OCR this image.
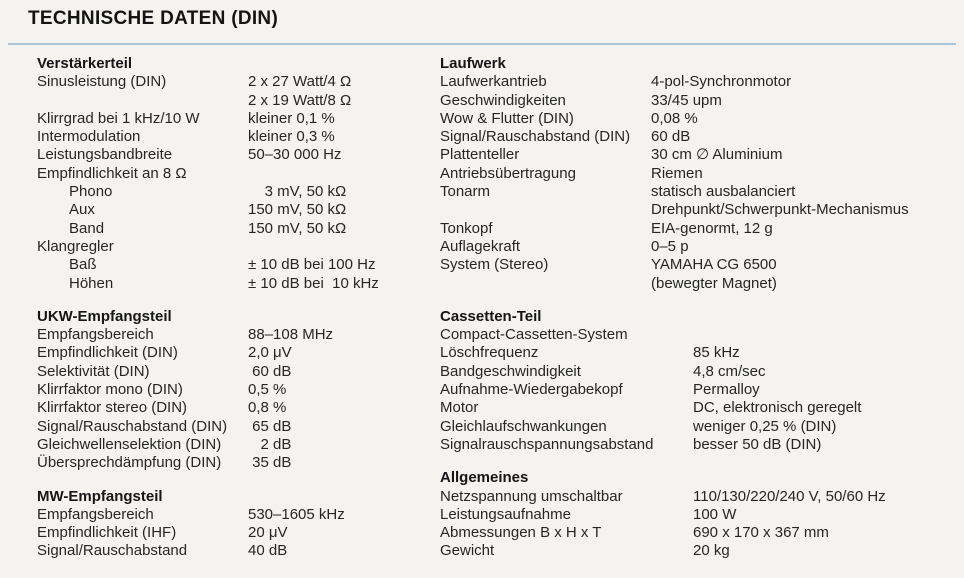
TECHNISCHE DATEN (DIN)
Verstärkerteil
Sinusleistung (DIN)	2 x 27 Watt/4 Ω
2 x 19 Watt/8 Ω
Klirrgrad bei 1 kHz/10 W	kleiner 0,1 %
Intermodulation	kleiner 0,3 %
Leistungsbandbreite	50–30 000 Hz
Empfindlichkeit an 8 Ω
Phono	3 mV, 50 kΩ
Aux	150 mV, 50 kΩ
Band	150 mV, 50 kΩ
Klangregler
Baß	± 10 dB bei 100 Hz
Höhen	± 10 dB bei  10 kHz
UKW-Empfangsteil
Empfangsbereich	88–108 MHz
Empfindlichkeit (DIN)	2,0 μV
Selektivität (DIN)	60 dB
Klirrfaktor mono (DIN)	0,5 %
Klirrfaktor stereo (DIN)	0,8 %
Signal/Rauschabstand (DIN)	65 dB
Gleichwellenselektion (DIN)	2 dB
Übersprechdämpfung (DIN)	35 dB
MW-Empfangsteil
Empfangsbereich	530–1605 kHz
Empfindlichkeit (IHF)	20 μV
Signal/Rauschabstand	40 dB
Laufwerk
Laufwerkantrieb	4-pol-Synchronmotor
Geschwindigkeiten	33/45 upm
Wow & Flutter (DIN)	0,08 %
Signal/Rauschabstand (DIN)	60 dB
Plattenteller	30 cm ∅ Aluminium
Antriebsübertragung	Riemen
Tonarm	statisch ausbalanciert
Drehpunkt/Schwerpunkt-Mechanismus
Tonkopf	EIA-genormt, 12 g
Auflagekraft	0–5 p
System (Stereo)	YAMAHA CG 6500
(bewegter Magnet)
Cassetten-Teil
Compact-Cassetten-System
Löschfrequenz	85 kHz
Bandgeschwindigkeit	4,8 cm/sec
Aufnahme-Wiedergabekopf	Permalloy
Motor	DC, elektronisch geregelt
Gleichlaufschwankungen	weniger 0,25 % (DIN)
Signalrauschspannungsabstand	besser 50 dB (DIN)
Allgemeines
Netzspannung umschaltbar	110/130/220/240 V, 50/60 Hz
Leistungsaufnahme	100 W
Abmessungen B x H x T	690 x 170 x 367 mm
Gewicht	20 kg
